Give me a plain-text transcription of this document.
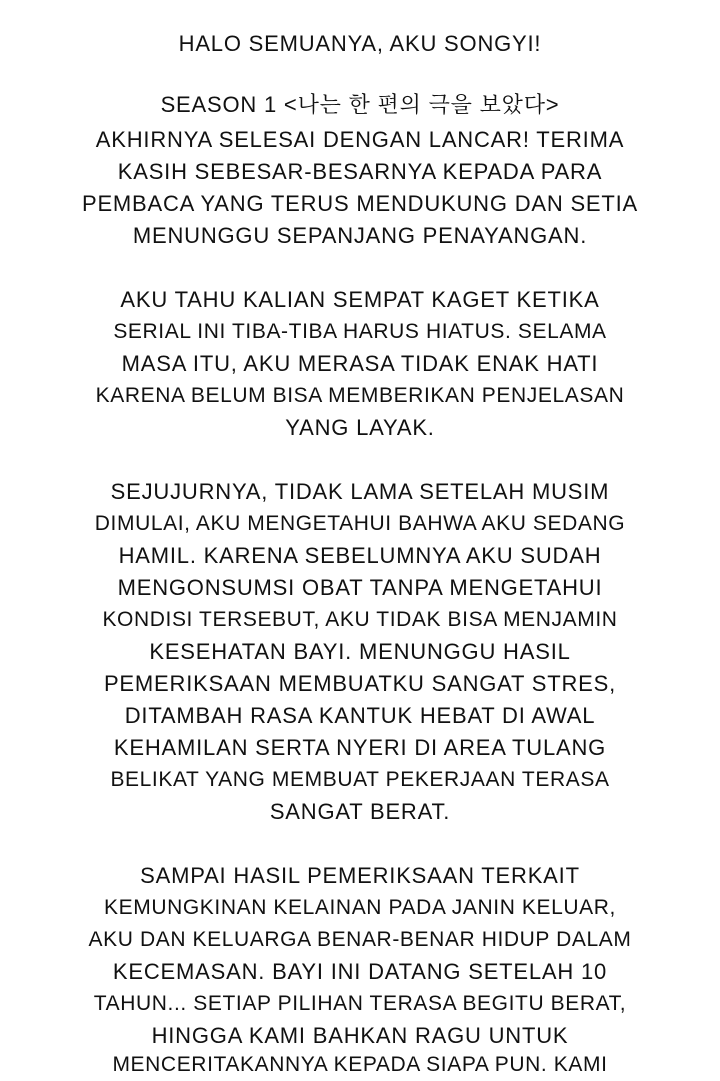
HALO SEMUANYA, AKU SONGYI!
SEASON 1 <나는 한 편의 극을 보았다>
AKHIRNYA SELESAI DENGAN LANCAR! TERIMA
KASIH SEBESAR-BESARNYA KEPADA PARA
PEMBACA YANG TERUS MENDUKUNG DAN SETIA
MENUNGGU SEPANJANG PENAYANGAN.
AKU TAHU KALIAN SEMPAT KAGET KETIKA
SERIAL INI TIBA-TIBA HARUS HIATUS. SELAMA
MASA ITU, AKU MERASA TIDAK ENAK HATI
KARENA BELUM BISA MEMBERIKAN PENJELASAN
YANG LAYAK.
SEJUJURNYA, TIDAK LAMA SETELAH MUSIM
DIMULAI, AKU MENGETAHUI BAHWA AKU SEDANG
HAMIL. KARENA SEBELUMNYA AKU SUDAH
MENGONSUMSI OBAT TANPA MENGETAHUI
KONDISI TERSEBUT, AKU TIDAK BISA MENJAMIN
KESEHATAN BAYI. MENUNGGU HASIL
PEMERIKSAAN MEMBUATKU SANGAT STRES,
DITAMBAH RASA KANTUK HEBAT DI AWAL
KEHAMILAN SERTA NYERI DI AREA TULANG
BELIKAT YANG MEMBUAT PEKERJAAN TERASA
SANGAT BERAT.
SAMPAI HASIL PEMERIKSAAN TERKAIT
KEMUNGKINAN KELAINAN PADA JANIN KELUAR,
AKU DAN KELUARGA BENAR-BENAR HIDUP DALAM
KECEMASAN. BAYI INI DATANG SETELAH 10
TAHUN... SETIAP PILIHAN TERASA BEGITU BERAT,
HINGGA KAMI BAHKAN RAGU UNTUK
MENCERITAKANNYA KEPADA SIAPA PUN. KAMI
